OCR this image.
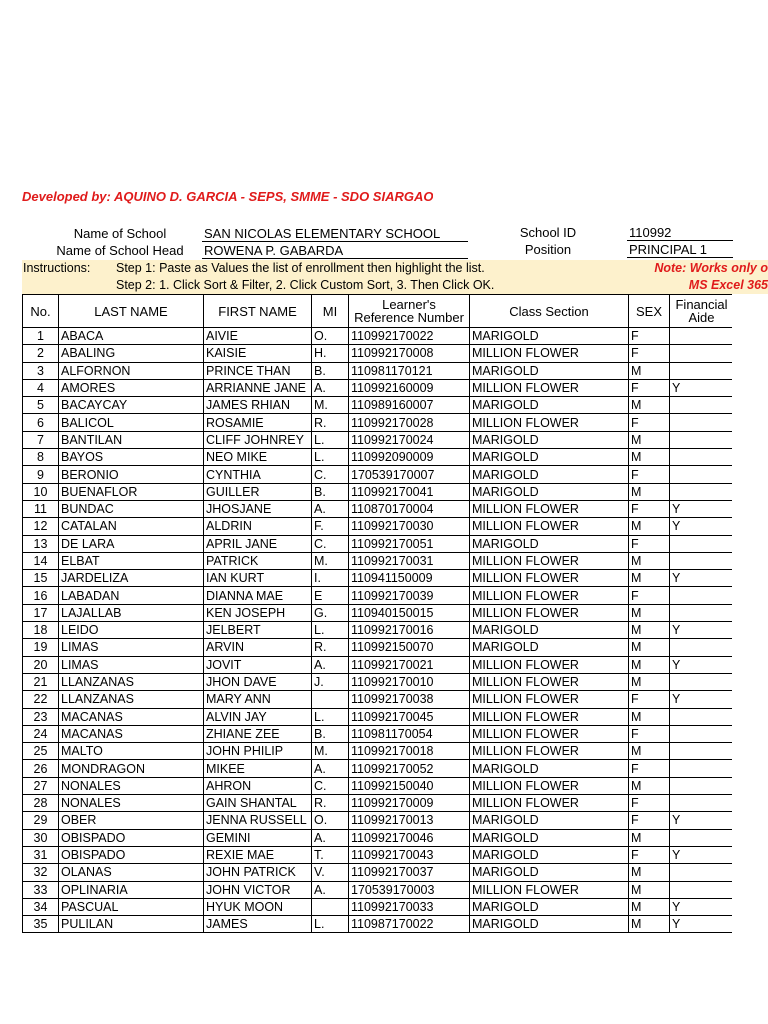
Developed by: AQUINO D. GARCIA - SEPS, SMME - SDO SIARGAO
Name of School	SAN NICOLAS ELEMENTARY SCHOOL
Name of School Head	ROWENA P. GABARDA
School ID	110992
Position	PRINCIPAL 1
Instructions: Step 1: Paste as Values the list of enrollment then highlight the list.
Step 2: 1. Click Sort & Filter, 2. Click Custom Sort, 3. Then Click OK.
Note: Works only o
MS Excel 365
No.	LAST NAME	FIRST NAME	MI	Learner's Reference Number	Class Section	SEX	Financial Aide
1	ABACA	AIVIE	O.	110992170022	MARIGOLD	F	
2	ABALING	KAISIE	H.	110992170008	MILLION FLOWER	F	
3	ALFORNON	PRINCE THAN	B.	110981170121	MARIGOLD	M	
4	AMORES	ARRIANNE JANE	A.	110992160009	MILLION FLOWER	F	Y
5	BACAYCAY	JAMES RHIAN	M.	110989160007	MARIGOLD	M	
6	BALICOL	ROSAMIE	R.	110992170028	MILLION FLOWER	F	
7	BANTILAN	CLIFF JOHNREY	L.	110992170024	MARIGOLD	M	
8	BAYOS	NEO MIKE	L.	110992090009	MARIGOLD	M	
9	BERONIO	CYNTHIA	C.	170539170007	MARIGOLD	F	
10	BUENAFLOR	GUILLER	B.	110992170041	MARIGOLD	M	
11	BUNDAC	JHOSJANE	A.	110870170004	MILLION FLOWER	F	Y
12	CATALAN	ALDRIN	F.	110992170030	MILLION FLOWER	M	Y
13	DE LARA	APRIL JANE	C.	110992170051	MARIGOLD	F	
14	ELBAT	PATRICK	M.	110992170031	MILLION FLOWER	M	
15	JARDELIZA	IAN KURT	I.	110941150009	MILLION FLOWER	M	Y
16	LABADAN	DIANNA MAE	E	110992170039	MILLION FLOWER	F	
17	LAJALLAB	KEN JOSEPH	G.	110940150015	MILLION FLOWER	M	
18	LEIDO	JELBERT	L.	110992170016	MARIGOLD	M	Y
19	LIMAS	ARVIN	R.	110992150070	MARIGOLD	M	
20	LIMAS	JOVIT	A.	110992170021	MILLION FLOWER	M	Y
21	LLANZANAS	JHON DAVE	J.	110992170010	MILLION FLOWER	M	
22	LLANZANAS	MARY ANN		110992170038	MILLION FLOWER	F	Y
23	MACANAS	ALVIN JAY	L.	110992170045	MILLION FLOWER	M	
24	MACANAS	ZHIANE ZEE	B.	110981170054	MILLION FLOWER	F	
25	MALTO	JOHN PHILIP	M.	110992170018	MILLION FLOWER	M	
26	MONDRAGON	MIKEE	A.	110992170052	MARIGOLD	F	
27	NONALES	AHRON	C.	110992150040	MILLION FLOWER	M	
28	NONALES	GAIN SHANTAL	R.	110992170009	MILLION FLOWER	F	
29	OBER	JENNA RUSSELL	O.	110992170013	MARIGOLD	F	Y
30	OBISPADO	GEMINI	A.	110992170046	MARIGOLD	M	
31	OBISPADO	REXIE MAE	T.	110992170043	MARIGOLD	F	Y
32	OLANAS	JOHN PATRICK	V.	110992170037	MARIGOLD	M	
33	OPLINARIA	JOHN VICTOR	A.	170539170003	MILLION FLOWER	M	
34	PASCUAL	HYUK MOON		110992170033	MARIGOLD	M	Y
35	PULILAN	JAMES	L.	110987170022	MARIGOLD	M	Y
